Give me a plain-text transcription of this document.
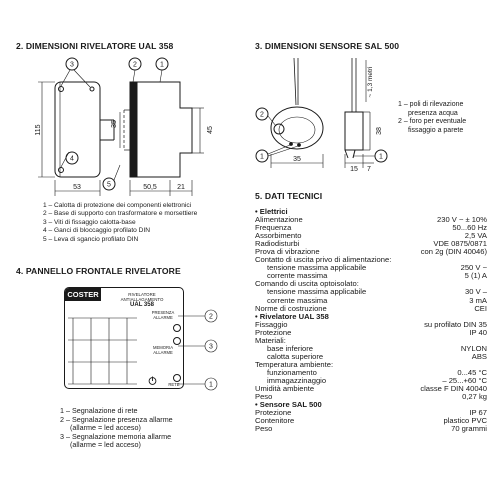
2. DIMENSIONI RIVELATORE UAL 358
3	2	1
4
5
115
35
45
53	50,5	21
1 – Calotta di protezione dei componenti elettronici
2 – Base di supporto con trasformatore e morsettiere
3 – Viti di fissaggio calotta-base
4 – Ganci di bloccaggio profilato DIN
5 – Leva di sgancio profilato DIN
3. DIMENSIONI SENSORE SAL 500
2
1	1
35
38
15 7
~ 1,3 metri
1 – poli di rilevazione
presenza acqua
2 – foro per eventuale
fissaggio a parete
4. PANNELLO FRONTALE RIVELATORE
COSTER	RIVELATORE
ANTIALLAGAMENTO
UAL 358
PRESENZA
ALLARME
MEMORIA
ALLARME
RETE
2
3
1
1 – Segnalazione di rete
2 – Segnalazione presenza allarme
(allarme = led acceso)
3 – Segnalazione memoria allarme
(allarme = led acceso)
5. DATI TECNICI
• Elettrici
Alimentazione	230 V ~ ± 10%
Frequenza	50...60 Hz
Assorbimento	2,5 VA
Radiodisturbi	VDE 0875/0871
Prova di vibrazione	con 2g (DIN 40046)
Contatto di uscita privo di alimentazione:
tensione massima applicabile	250 V ~
corrente massima	5 (1) A
Comando di uscita optoisolato:
tensione massima applicabile	30 V –
corrente massima	3 mA
Norme di costruzione	CEI
• Rivelatore UAL 358
Fissaggio	su profilato DIN 35
Protezione	IP 40
Materiali:
base inferiore	NYLON
calotta superiore	ABS
Temperatura ambiente:
funzionamento	0...45 °C
immagazzinaggio	– 25...+60 °C
Umidità ambiente	classe F DIN 40040
Peso	0,27 kg
• Sensore SAL 500
Protezione	IP 67
Contenitore	plastico PVC
Peso	70 grammi
